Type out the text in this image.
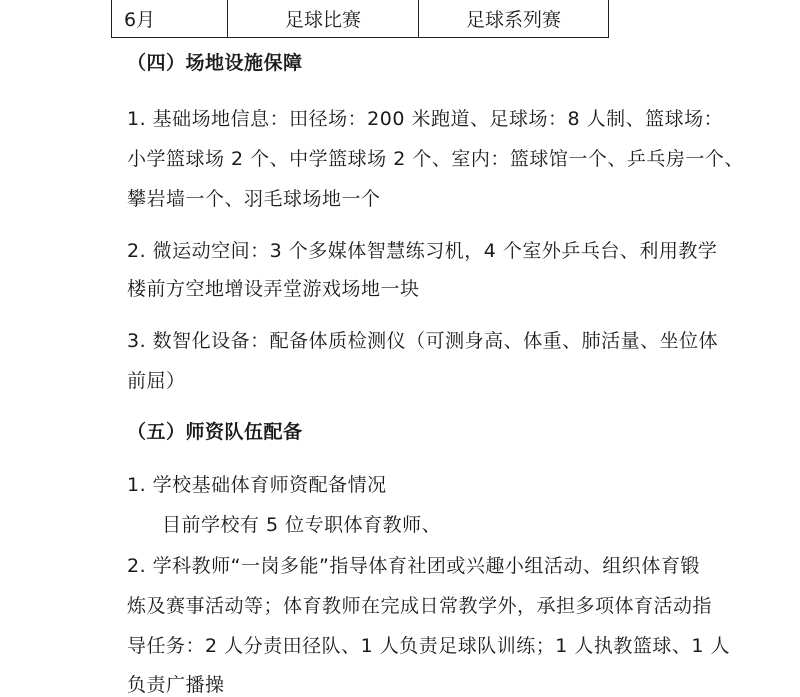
6月	足球比赛	足球系列赛
（四）场地设施保障
1. 基础场地信息：田径场：200 米跑道、足球场：8 人制、篮球场：
小学篮球场 2 个、中学篮球场 2 个、室内：篮球馆一个、乒乓房一个、
攀岩墙一个、羽毛球场地一个
2. 微运动空间：3 个多媒体智慧练习机，4 个室外乒乓台、利用教学
楼前方空地增设弄堂游戏场地一块
3. 数智化设备：配备体质检测仪（可测身高、体重、肺活量、坐位体
前屈）
（五）师资队伍配备
1. 学校基础体育师资配备情况
目前学校有 5 位专职体育教师、
2. 学科教师“一岗多能”指导体育社团或兴趣小组活动、组织体育锻
炼及赛事活动等；体育教师在完成日常教学外，承担多项体育活动指
导任务：2 人分责田径队、1 人负责足球队训练；1 人执教篮球、1 人
负责广播操
